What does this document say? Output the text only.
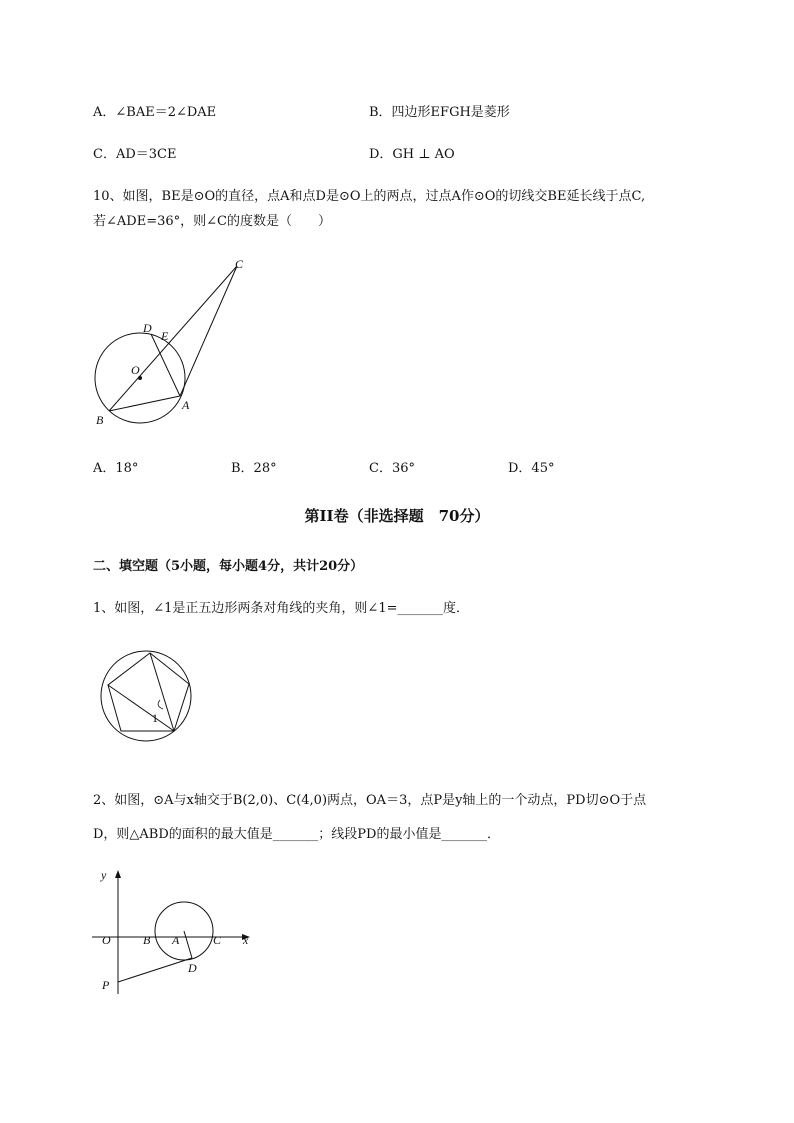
A．∠BAE＝2∠DAE	B．四边形EFGH是菱形
C．AD＝3CE	D．GH ⊥ AO
10、如图，BE是⊙O的直径，点A和点D是⊙O上的两点，过点A作⊙O的切线交BE延长线于点C,
若∠ADE=36°，则∠C的度数是（　　）
C
D
E
O
B
A
A．18°	B．28°	C．36°	D．45°
第II卷（非选择题　70分）
二、填空题（5小题，每小题4分，共计20分）
1、如图，∠1是正五边形两条对角线的夹角，则∠1=_______度．
1
2、如图，⊙A与x轴交于B(2,0)、C(4,0)两点，OA＝3，点P是y轴上的一个动点，PD切⊙O于点
D，则△ABD的面积的最大值是_______；线段PD的最小值是_______．
y
x
O	B A	C
D
P
